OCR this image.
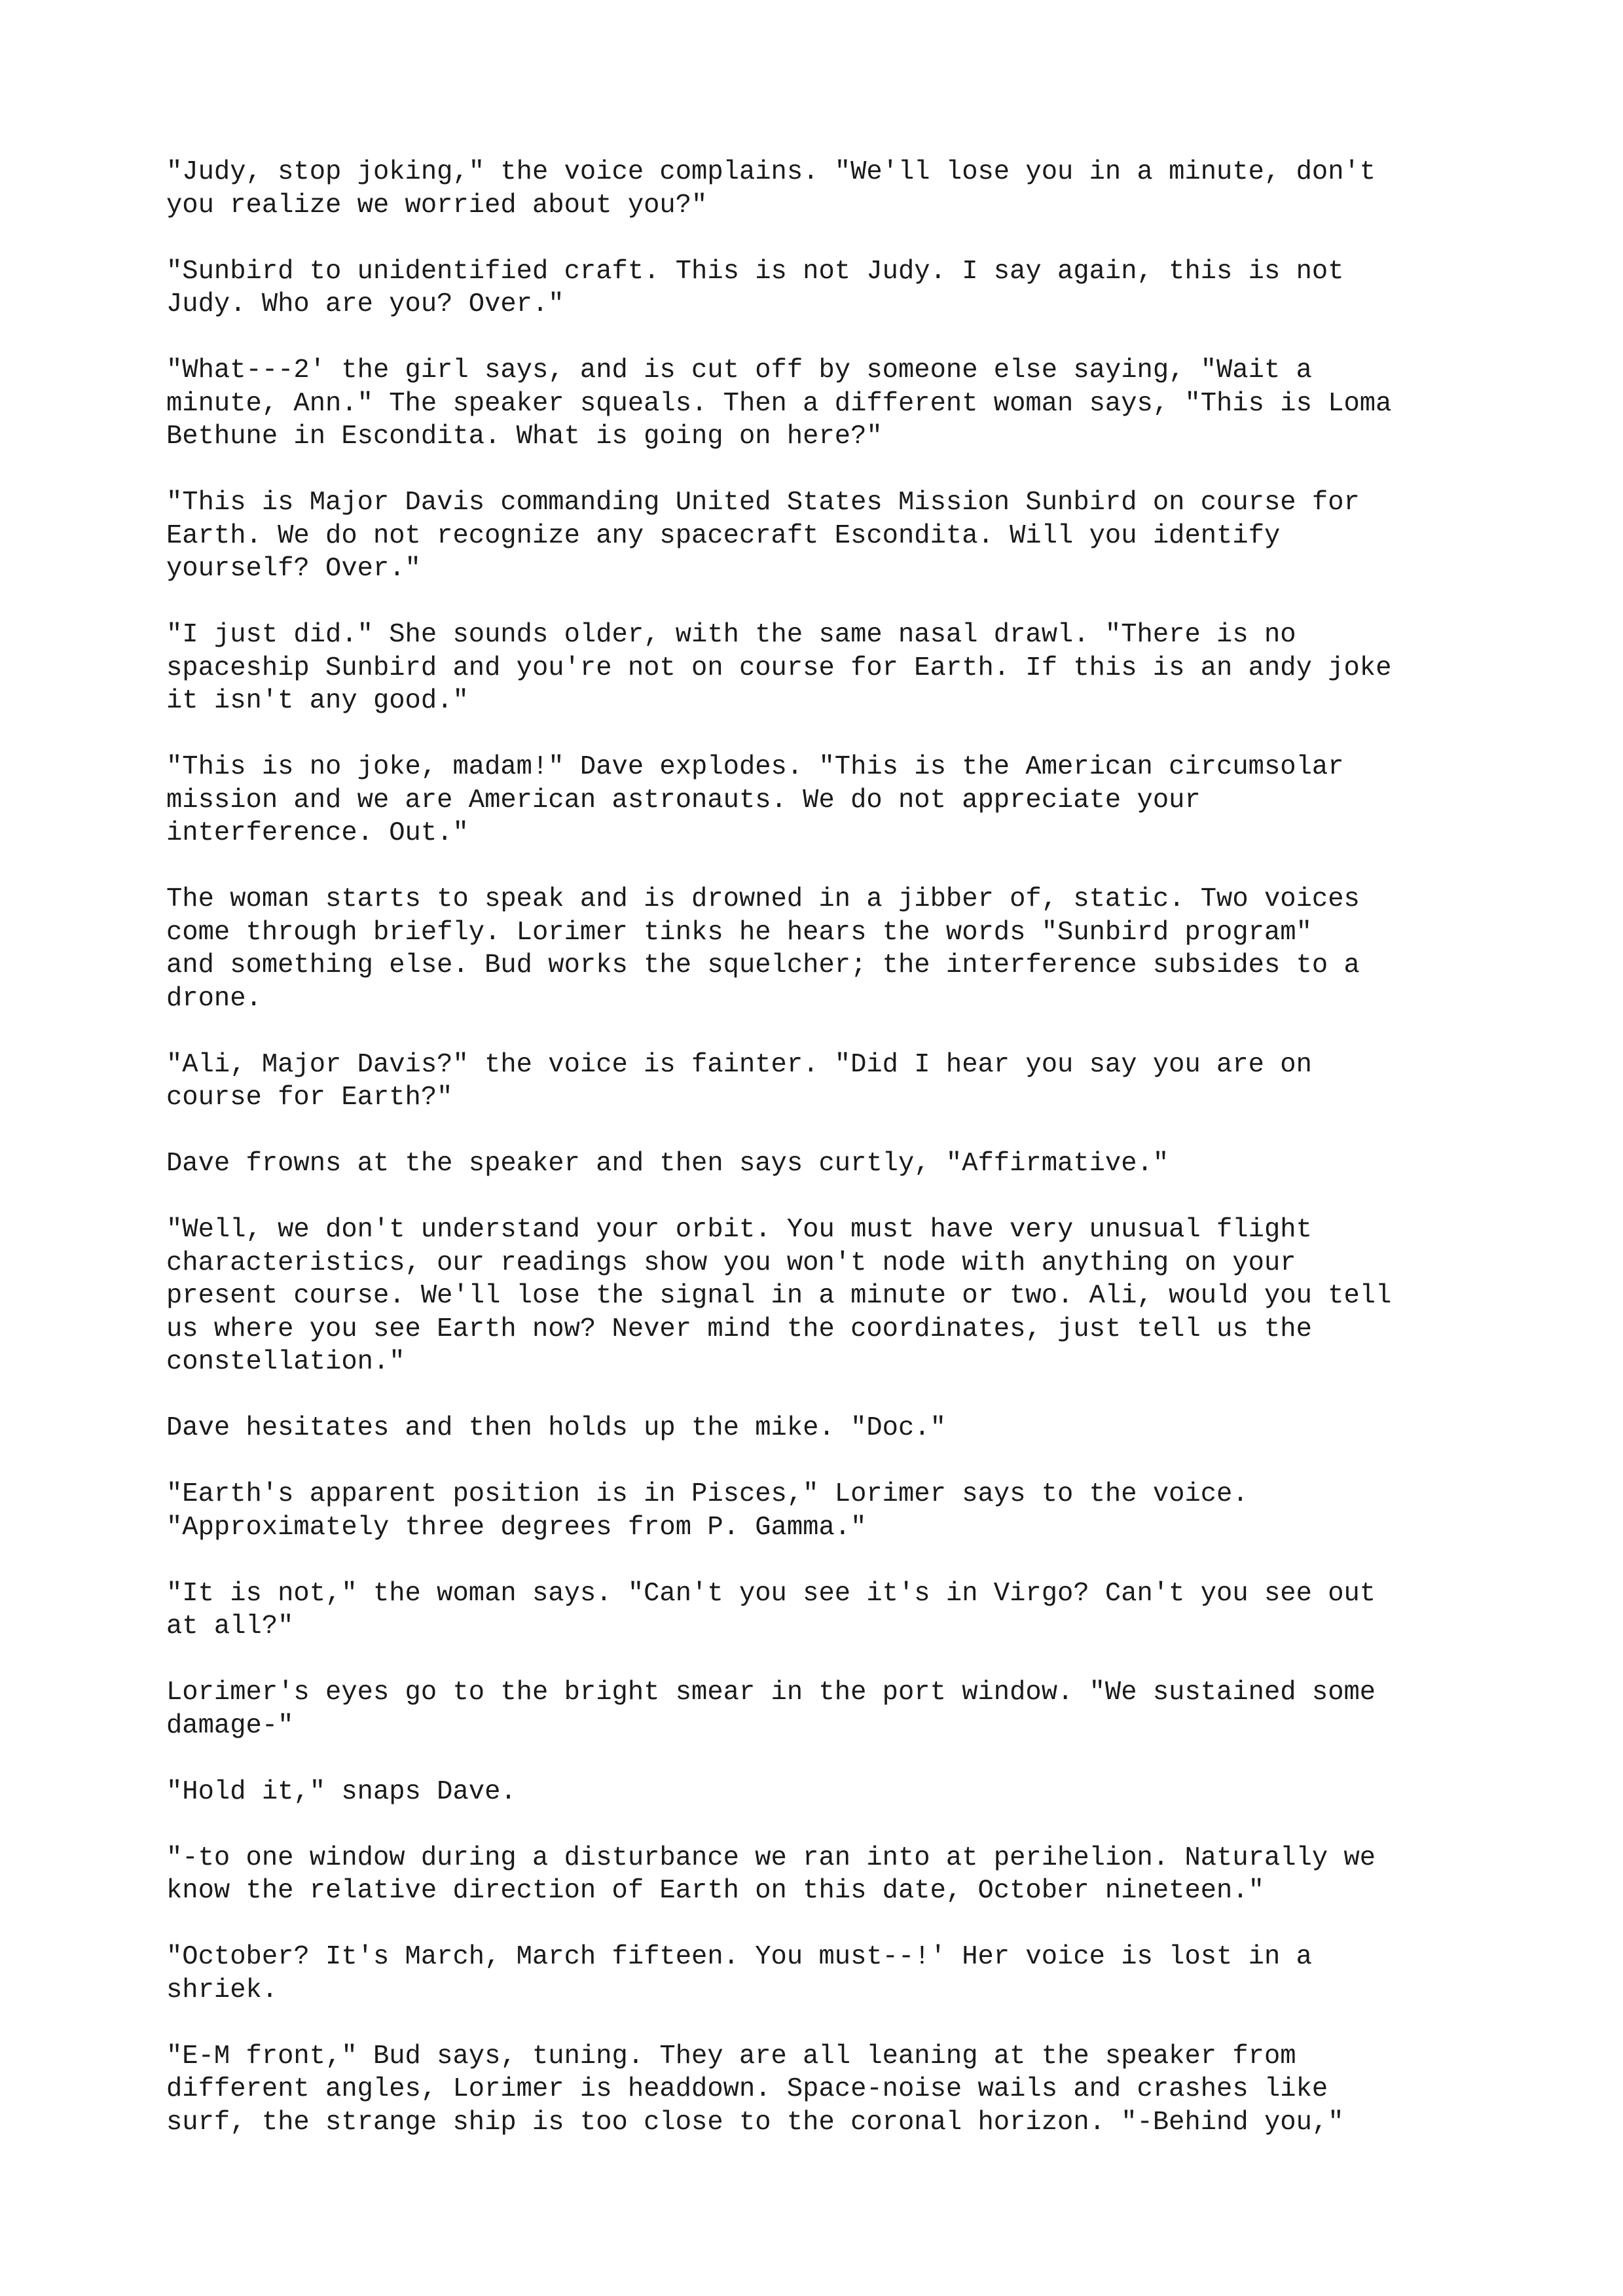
"Judy, stop joking," the voice complains. "We'll lose you in a minute, don't
you realize we worried about you?"
"Sunbird to unidentified craft. This is not Judy. I say again, this is not
Judy. Who are you? Over."
"What---2' the girl says, and is cut off by someone else saying, "Wait a
minute, Ann." The speaker squeals. Then a different woman says, "This is Loma
Bethune in Escondita. What is going on here?"
"This is Major Davis commanding United States Mission Sunbird on course for
Earth. We do not recognize any spacecraft Escondita. Will you identify
yourself? Over."
"I just did." She sounds older, with the same nasal drawl. "There is no
spaceship Sunbird and you're not on course for Earth. If this is an andy joke
it isn't any good."
"This is no joke, madam!" Dave explodes. "This is the American circumsolar
mission and we are American astronauts. We do not appreciate your
interference. Out."
The woman starts to speak and is drowned in a jibber of, static. Two voices
come through briefly. Lorimer tinks he hears the words "Sunbird program"
and something else. Bud works the squelcher; the interference subsides to a
drone.
"Ali, Major Davis?" the voice is fainter. "Did I hear you say you are on
course for Earth?"
Dave frowns at the speaker and then says curtly, "Affirmative."
"Well, we don't understand your orbit. You must have very unusual flight
characteristics, our readings show you won't node with anything on your
present course. We'll lose the signal in a minute or two. Ali, would you tell
us where you see Earth now? Never mind the coordinates, just tell us the
constellation."
Dave hesitates and then holds up the mike. "Doc."
"Earth's apparent position is in Pisces," Lorimer says to the voice.
"Approximately three degrees from P. Gamma."
"It is not," the woman says. "Can't you see it's in Virgo? Can't you see out
at all?"
Lorimer's eyes go to the bright smear in the port window. "We sustained some
damage-"
"Hold it," snaps Dave.
"-to one window during a disturbance we ran into at perihelion. Naturally we
know the relative direction of Earth on this date, October nineteen."
"October? It's March, March fifteen. You must--!' Her voice is lost in a
shriek.
"E-M front," Bud says, tuning. They are all leaning at the speaker from
different angles, Lorimer is headdown. Space-noise wails and crashes like
surf, the strange ship is too close to the coronal horizon. "-Behind you,"
